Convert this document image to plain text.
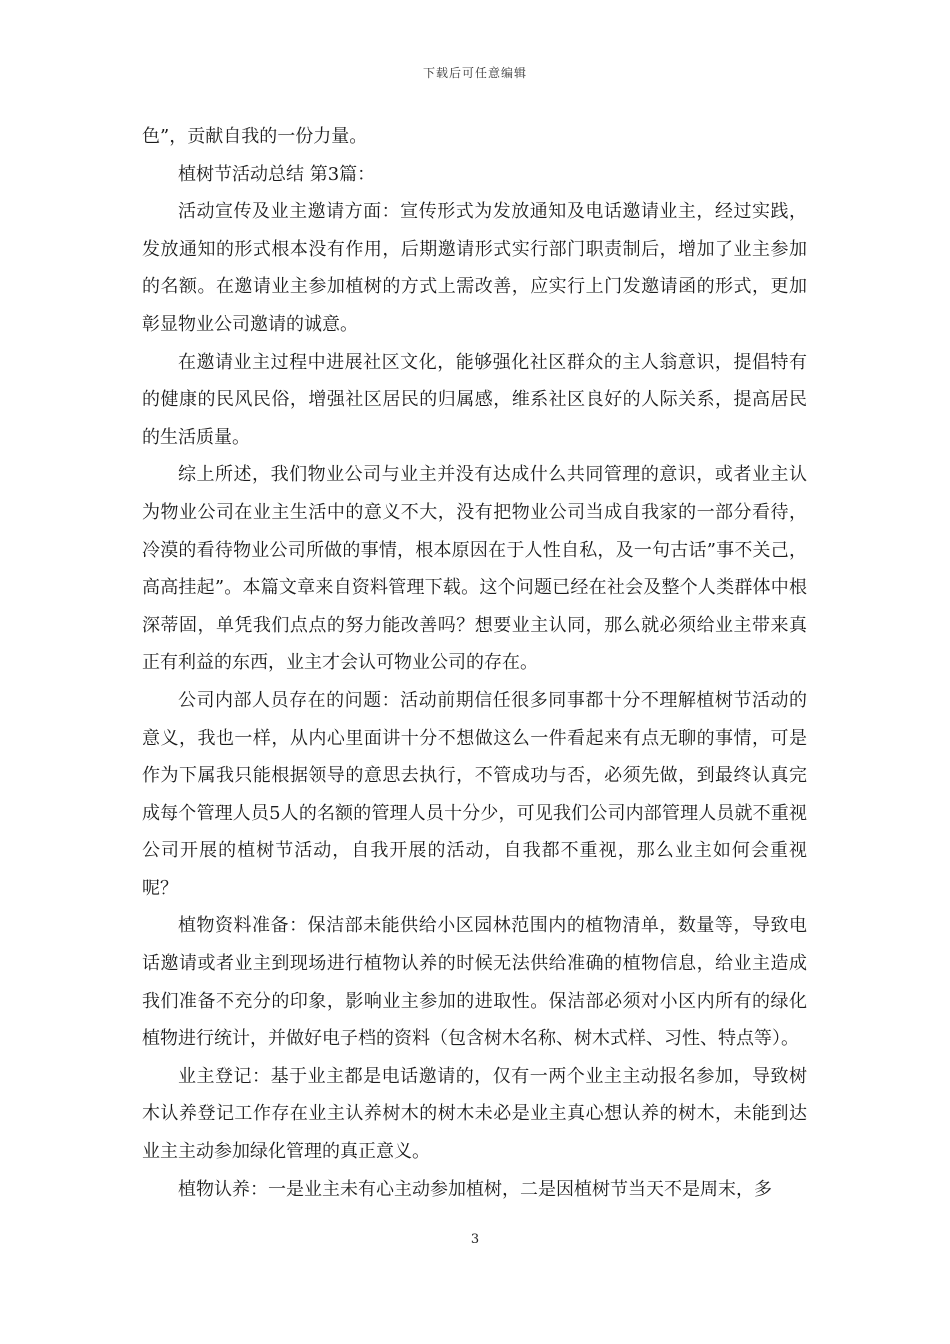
下载后可任意编辑

色”，贡献自我的一份力量。

植树节活动总结 第3篇：

活动宣传及业主邀请方面：宣传形式为发放通知及电话邀请业主，经过实践，发放通知的形式根本没有作用，后期邀请形式实行部门职责制后，增加了业主参加的名额。在邀请业主参加植树的方式上需改善，应实行上门发邀请函的形式，更加彰显物业公司邀请的诚意。

在邀请业主过程中进展社区文化，能够强化社区群众的主人翁意识，提倡特有的健康的民风民俗，增强社区居民的归属感，维系社区良好的人际关系，提高居民的生活质量。

综上所述，我们物业公司与业主并没有达成什么共同管理的意识，或者业主认为物业公司在业主生活中的意义不大，没有把物业公司当成自我家的一部分看待，冷漠的看待物业公司所做的事情，根本原因在于人性自私，及一句古话”事不关己，高高挂起”。本篇文章来自资料管理下载。这个问题已经在社会及整个人类群体中根深蒂固，单凭我们点点的努力能改善吗？想要业主认同，那么就必须给业主带来真正有利益的东西，业主才会认可物业公司的存在。

公司内部人员存在的问题：活动前期信任很多同事都十分不理解植树节活动的意义，我也一样，从内心里面讲十分不想做这么一件看起来有点无聊的事情，可是作为下属我只能根据领导的意思去执行，不管成功与否，必须先做，到最终认真完成每个管理人员5人的名额的管理人员十分少，可见我们公司内部管理人员就不重视公司开展的植树节活动，自我开展的活动，自我都不重视，那么业主如何会重视呢？

植物资料准备：保洁部未能供给小区园林范围内的植物清单，数量等，导致电话邀请或者业主到现场进行植物认养的时候无法供给准确的植物信息，给业主造成我们准备不充分的印象，影响业主参加的进取性。保洁部必须对小区内所有的绿化植物进行统计，并做好电子档的资料（包含树木名称、树木式样、习性、特点等）。

业主登记：基于业主都是电话邀请的，仅有一两个业主主动报名参加，导致树木认养登记工作存在业主认养树木的树木未必是业主真心想认养的树木，未能到达业主主动参加绿化管理的真正意义。

植物认养：一是业主未有心主动参加植树，二是因植树节当天不是周末，多

3
